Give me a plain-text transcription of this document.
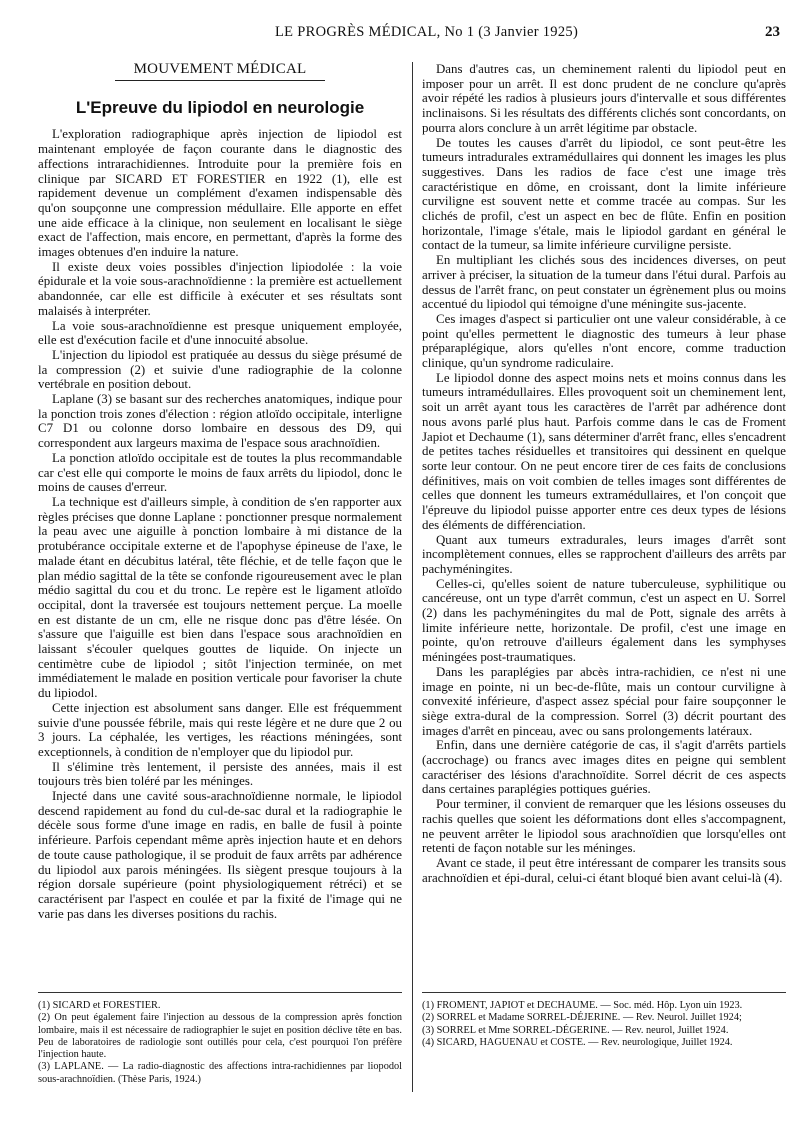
LE PROGRÈS MÉDICAL, No 1 (3 Janvier 1925)	23
MOUVEMENT MÉDICAL
L'Epreuve du lipiodol en neurologie

L'exploration radiographique après injection de lipiodol est maintenant employée de façon courante dans le diagnostic des affections intrarachidiennes. Introduite pour la première fois en clinique par SICARD ET FORESTIER en 1922 (1), elle est rapidement devenue un complément d'examen indispensable dès qu'on soupçonne une compression médullaire. Elle apporte en effet une aide efficace à la clinique, non seulement en localisant le siège exact de l'affection, mais encore, en permettant, d'après la forme des images obtenues d'en induire la nature.

Il existe deux voies possibles d'injection lipiodolée : la voie épidurale et la voie sous-arachnoïdienne : la première est actuellement abandonnée, car elle est difficile à exécuter et ses résultats sont malaisés à interpréter.

La voie sous-arachnoïdienne est presque uniquement employée, elle est d'exécution facile et d'une innocuité absolue.

L'injection du lipiodol est pratiquée au dessus du siège présumé de la compression (2) et suivie d'une radiographie de la colonne vertébrale en position debout.

Laplane (3) se basant sur des recherches anatomiques, indique pour la ponction trois zones d'élection : région atloïdo occipitale, interligne C7 D1 ou colonne dorso lombaire en dessous des D9, qui correspondent aux largeurs maxima de l'espace sous arachnoïdien.

La ponction atloïdo occipitale est de toutes la plus recommandable car c'est elle qui comporte le moins de faux arrêts du lipiodol, donc le moins de causes d'erreur.

La technique est d'ailleurs simple, à condition de s'en rapporter aux règles précises que donne Laplane : ponctionner presque normalement la peau avec une aiguille à ponction lombaire à mi distance de la protubérance occipitale externe et de l'apophyse épineuse de l'axe, le malade étant en décubitus latéral, tête fléchie, et de telle façon que le plan médio sagittal de la tête se confonde rigoureusement avec le plan médio sagittal du cou et du tronc. Le repère est le ligament atloïdo occipital, dont la traversée est toujours nettement perçue. La moelle en est distante de un cm, elle ne risque donc pas d'être lésée. On s'assure que l'aiguille est bien dans l'espace sous arachnoïdien en laissant s'écouler quelques gouttes de liquide. On injecte un centimètre cube de lipiodol ; sitôt l'injection terminée, on met immédiatement le malade en position verticale pour favoriser la chute du lipiodol.

Cette injection est absolument sans danger. Elle est fréquemment suivie d'une poussée fébrile, mais qui reste légère et ne dure que 2 ou 3 jours. La céphalée, les vertiges, les réactions méningées, sont exceptionnels, à condition de n'employer que du lipiodol pur.

Il s'élimine très lentement, il persiste des années, mais il est toujours très bien toléré par les méninges.

Injecté dans une cavité sous-arachnoïdienne normale, le lipiodol descend rapidement au fond du cul-de-sac dural et la radiographie le décèle sous forme d'une image en radis, en balle de fusil à pointe inférieure. Parfois cependant même après injection haute et en dehors de toute cause pathologique, il se produit de faux arrêts par adhérence du lipiodol aux parois méningées. Ils siègent presque toujours à la région dorsale supérieure (point physiologiquement rétréci) et se caractérisent par l'aspect en coulée et par la fixité de l'image qui ne varie pas dans les diverses positions du rachis.

Dans d'autres cas, un cheminement ralenti du lipiodol peut en imposer pour un arrêt. Il est donc prudent de ne conclure qu'après avoir répété les radios à plusieurs jours d'intervalle et sous différentes inclinaisons. Si les résultats des différents clichés sont concordants, on pourra alors conclure à un arrêt légitime par obstacle.

De toutes les causes d'arrêt du lipiodol, ce sont peut-être les tumeurs intradurales extramédullaires qui donnent les images les plus suggestives. Dans les radios de face c'est une image très caractéristique en dôme, en croissant, dont la limite inférieure curviligne est souvent nette et comme tracée au compas. Sur les clichés de profil, c'est un aspect en bec de flûte. Enfin en position horizontale, l'image s'étale, mais le lipiodol gardant en général le contact de la tumeur, sa limite inférieure curviligne persiste.

En multipliant les clichés sous des incidences diverses, on peut arriver à préciser, la situation de la tumeur dans l'étui dural. Parfois au dessus de l'arrêt franc, on peut constater un égrènement plus ou moins accentué du lipiodol qui témoigne d'une méningite sus-jacente.

Ces images d'aspect si particulier ont une valeur considérable, à ce point qu'elles permettent le diagnostic des tumeurs à leur phase préparaplégique, alors qu'elles n'ont encore, comme traduction clinique, qu'un syndrome radiculaire.

Le lipiodol donne des aspect moins nets et moins connus dans les tumeurs intramédullaires. Elles provoquent soit un cheminement lent, soit un arrêt ayant tous les caractères de l'arrêt par adhérence dont nous avons parlé plus haut. Parfois comme dans le cas de Froment Japiot et Dechaume (1), sans déterminer d'arrêt franc, elles s'encadrent de petites taches résiduelles et transitoires qui dessinent en quelque sorte leur contour. On ne peut encore tirer de ces faits de conclusions définitives, mais on voit combien de telles images sont différentes de celles que donnent les tumeurs extramédullaires, et l'on conçoit que l'épreuve du lipiodol puisse apporter entre ces deux types de lésions des éléments de différenciation.

Quant aux tumeurs extradurales, leurs images d'arrêt sont incomplètement connues, elles se rapprochent d'ailleurs des arrêts par pachyméningites.

Celles-ci, qu'elles soient de nature tuberculeuse, syphilitique ou cancéreuse, ont un type d'arrêt commun, c'est un aspect en U. Sorrel (2) dans les pachyméningites du mal de Pott, signale des arrêts à limite inférieure nette, horizontale. De profil, c'est une image en pointe, qu'on retrouve d'ailleurs également dans les symphyses méningées post-traumatiques.

Dans les paraplégies par abcès intra-rachidien, ce n'est ni une image en pointe, ni un bec-de-flûte, mais un contour curviligne à convexité inférieure, d'aspect assez spécial pour faire soupçonner le siège extra-dural de la compression. Sorrel (3) décrit pourtant des images d'arrêt en pinceau, avec ou sans prolongements latéraux.

Enfin, dans une dernière catégorie de cas, il s'agit d'arrêts partiels (accrochage) ou francs avec images dites en peigne qui semblent caractériser des lésions d'arachnoïdite. Sorrel décrit de ces aspects dans certaines paraplégies pottiques guéries.

Pour terminer, il convient de remarquer que les lésions osseuses du rachis quelles que soient les déformations dont elles s'accompagnent, ne peuvent arrêter le lipiodol sous arachnoïdien que lorsqu'elles ont retenti de façon notable sur les méninges.

Avant ce stade, il peut être intéressant de comparer les transits sous arachnoïdien et épi-dural, celui-ci étant bloqué bien avant celui-là (4).

(1) SICARD et FORESTIER.

(2) On peut également faire l'injection au dessous de la compression après fonction lombaire, mais il est nécessaire de radiographier le sujet en position déclive tête en bas. Peu de laboratoires de radiologie sont outillés pour cela, c'est pourquoi l'on préfère l'injection haute.

(3) LAPLANE. — La radio-diagnostic des affections intra-rachidiennes par liopodol sous-arachnoïdien. (Thèse Paris, 1924.)

(1) FROMENT, JAPIOT et DECHAUME. — Soc. méd. Hôp. Lyon uin 1923.

(2) SORREL et Madame SORREL-DÉJERINE. — Rev. Neurol. Juillet 1924;

(3) SORREL et Mme SORREL-DÉGERINE. — Rev. neurol, Juillet 1924.

(4) SICARD, HAGUENAU et COSTE. — Rev. neurologique, Juillet 1924.
